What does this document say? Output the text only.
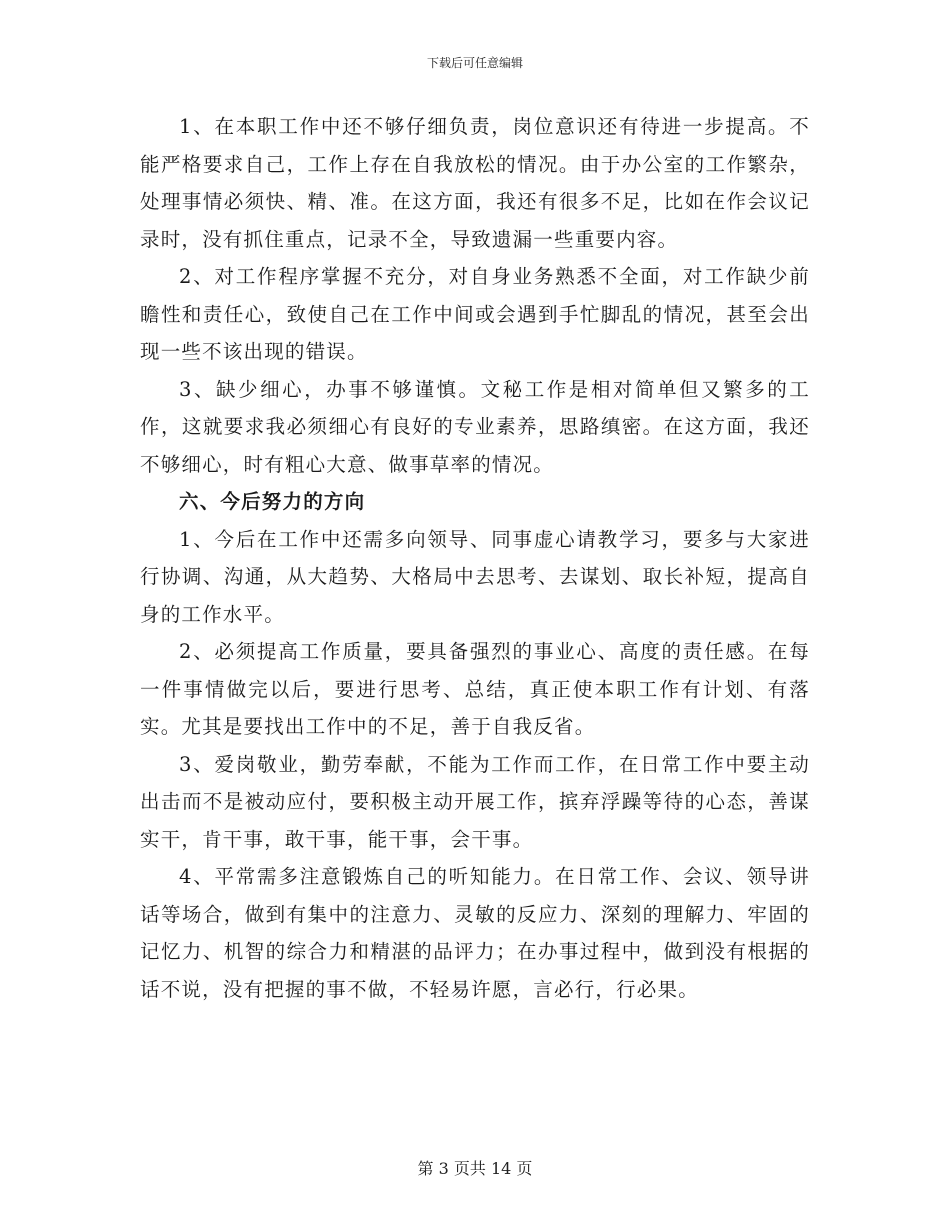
下载后可任意编辑

1、在本职工作中还不够仔细负责，岗位意识还有待进一步提高。不能严格要求自己，工作上存在自我放松的情况。由于办公室的工作繁杂，处理事情必须快、精、准。在这方面，我还有很多不足，比如在作会议记录时，没有抓住重点，记录不全，导致遗漏一些重要内容。

2、对工作程序掌握不充分，对自身业务熟悉不全面，对工作缺少前瞻性和责任心，致使自己在工作中间或会遇到手忙脚乱的情况，甚至会出现一些不该出现的错误。

3、缺少细心，办事不够谨慎。文秘工作是相对简单但又繁多的工作，这就要求我必须细心有良好的专业素养，思路缜密。在这方面，我还不够细心，时有粗心大意、做事草率的情况。

六、今后努力的方向

1、今后在工作中还需多向领导、同事虚心请教学习，要多与大家进行协调、沟通，从大趋势、大格局中去思考、去谋划、取长补短，提高自身的工作水平。

2、必须提高工作质量，要具备强烈的事业心、高度的责任感。在每一件事情做完以后，要进行思考、总结，真正使本职工作有计划、有落实。尤其是要找出工作中的不足，善于自我反省。

3、爱岗敬业，勤劳奉献，不能为工作而工作，在日常工作中要主动出击而不是被动应付，要积极主动开展工作，摈弃浮躁等待的心态，善谋实干，肯干事，敢干事，能干事，会干事。

4、平常需多注意锻炼自己的听知能力。在日常工作、会议、领导讲话等场合，做到有集中的注意力、灵敏的反应力、深刻的理解力、牢固的记忆力、机智的综合力和精湛的品评力；在办事过程中，做到没有根据的话不说，没有把握的事不做，不轻易许愿，言必行，行必果。

第 3 页共 14 页
